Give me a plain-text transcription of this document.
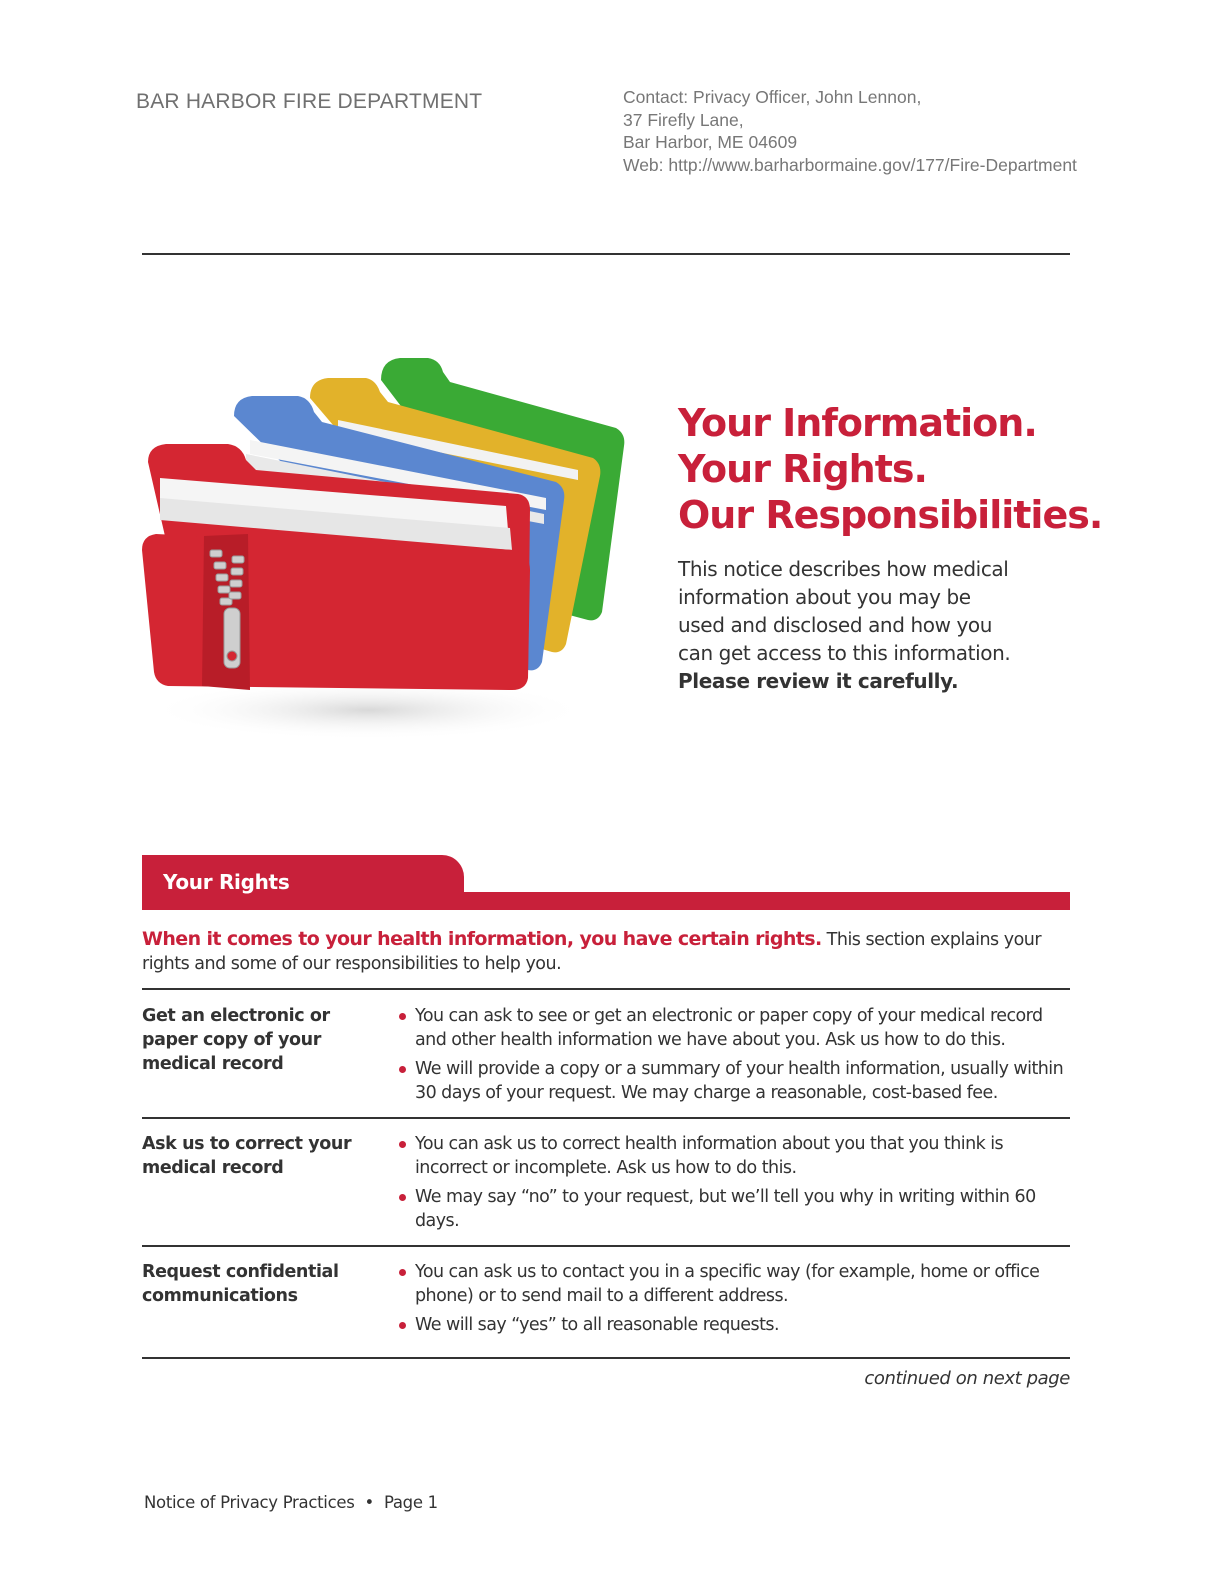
BAR HARBOR FIRE DEPARTMENT	Contact: Privacy Officer, John Lennon,
37 Firefly Lane,
Bar Harbor, ME 04609
Web: http://www.barharbormaine.gov/177/Fire-Department
Your Information.
Your Rights.
Our Responsibilities.
This notice describes how medical information about you may be used and disclosed and how you can get access to this information.
Please review it carefully.
Your Rights
When it comes to your health information, you have certain rights. This section explains your rights and some of our responsibilities to help you.
Get an electronic or paper copy of your medical record
You can ask to see or get an electronic or paper copy of your medical record and other health information we have about you. Ask us how to do this.
We will provide a copy or a summary of your health information, usually within 30 days of your request. We may charge a reasonable, cost-based fee.
Ask us to correct your medical record
You can ask us to correct health information about you that you think is incorrect or incomplete. Ask us how to do this.
We may say “no” to your request, but we’ll tell you why in writing within 60 days.
Request confidential communications
You can ask us to contact you in a specific way (for example, home or office phone) or to send mail to a different address.
We will say “yes” to all reasonable requests.
continued on next page
Notice of Privacy Practices • Page 1
